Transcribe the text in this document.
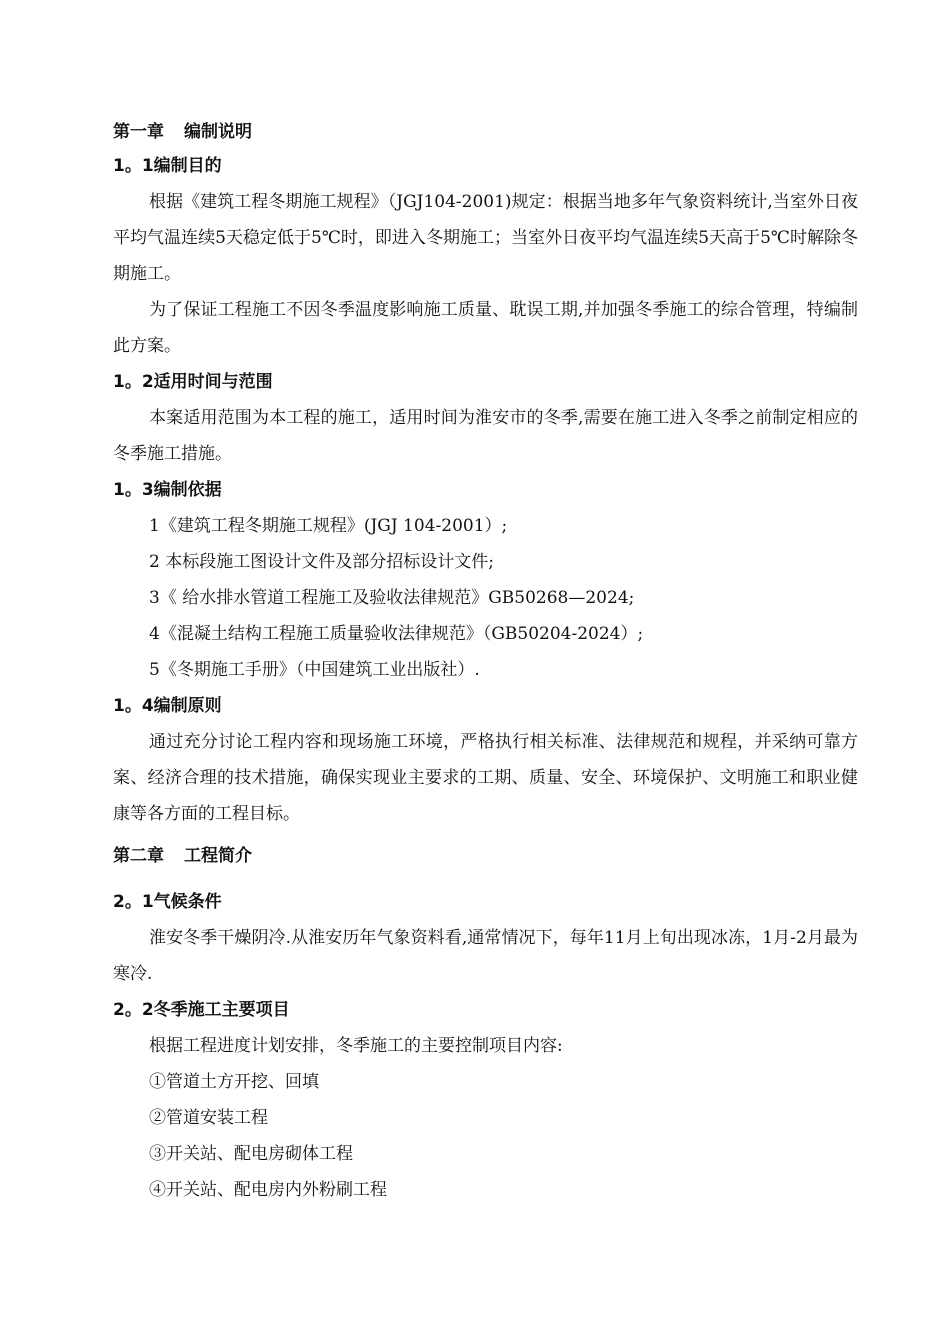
第一章 编制说明
1。1编制目的

根据《建筑工程冬期施工规程》（JGJ104-2001)规定：根据当地多年气象资料统计,当室外日夜平均气温连续5天稳定低于5℃时，即进入冬期施工；当室外日夜平均气温连续5天高于5℃时解除冬期施工。

为了保证工程施工不因冬季温度影响施工质量、耽误工期,并加强冬季施工的综合管理，特编制此方案。

1。2适用时间与范围

本案适用范围为本工程的施工，适用时间为淮安市的冬季,需要在施工进入冬季之前制定相应的冬季施工措施。

1。3编制依据
1《建筑工程冬期施工规程》(JGJ 104-2001）;
2 本标段施工图设计文件及部分招标设计文件;
3《 给水排水管道工程施工及验收法律规范》GB50268—2024;
4《混凝土结构工程施工质量验收法律规范》（GB50204-2024）;
5《冬期施工手册》（中国建筑工业出版社）.
1。4编制原则

通过充分讨论工程内容和现场施工环境，严格执行相关标准、法律规范和规程，并采纳可靠方案、经济合理的技术措施，确保实现业主要求的工期、质量、安全、环境保护、文明施工和职业健康等各方面的工程目标。

第二章 工程简介
2。1气候条件

淮安冬季干燥阴冷.从淮安历年气象资料看,通常情况下，每年11月上旬出现冰冻，1月-2月最为寒冷.

2。2冬季施工主要项目

根据工程进度计划安排，冬季施工的主要控制项目内容:

①管道土方开挖、回填
②管道安装工程
③开关站、配电房砌体工程
④开关站、配电房内外粉刷工程
